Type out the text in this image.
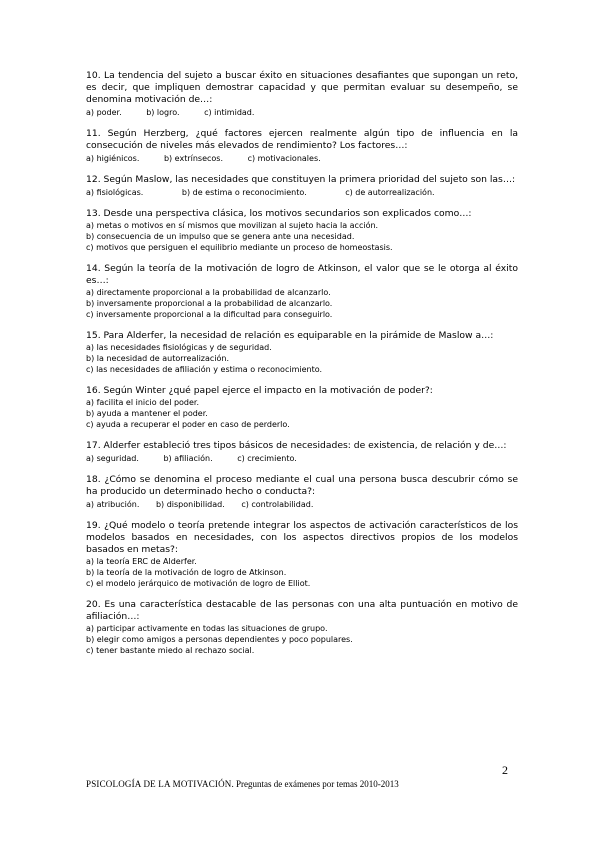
10. La tendencia del sujeto a buscar éxito en situaciones desafiantes que supongan un reto, es decir, que impliquen demostrar capacidad y que permitan evaluar su desempeño, se denomina motivación de…:

a) poder.	b) logro.	c) intimidad.

11. Según Herzberg, ¿qué factores ejercen realmente algún tipo de influencia en la consecución de niveles más elevados de rendimiento? Los factores…:

a) higiénicos.	b) extrínsecos.	c) motivacionales.

12. Según Maslow, las necesidades que constituyen la primera prioridad del sujeto son las…:

a) fisiológicas.	b) de estima o reconocimiento.	c) de autorrealización.

13. Desde una perspectiva clásica, los motivos secundarios son explicados como…:

a) metas o motivos en sí mismos que movilizan al sujeto hacia la acción.

b) consecuencia de un impulso que se genera ante una necesidad.

c) motivos que persiguen el equilibrio mediante un proceso de homeostasis.

14. Según la teoría de la motivación de logro de Atkinson, el valor que se le otorga al éxito es…:

a) directamente proporcional a la probabilidad de alcanzarlo.

b) inversamente proporcional a la probabilidad de alcanzarlo.

c) inversamente proporcional a la dificultad para conseguirlo.

15. Para Alderfer, la necesidad de relación es equiparable en la pirámide de Maslow a…:

a) las necesidades fisiológicas y de seguridad.

b) la necesidad de autorrealización.

c) las necesidades de afiliación y estima o reconocimiento.

16. Según Winter ¿qué papel ejerce el impacto en la motivación de poder?:

a) facilita el inicio del poder.

b) ayuda a mantener el poder.

c) ayuda a recuperar el poder en caso de perderlo.

17. Alderfer estableció tres tipos básicos de necesidades: de existencia, de relación y de…:

a) seguridad.	b) afiliación.	c) crecimiento.

18. ¿Cómo se denomina el proceso mediante el cual una persona busca descubrir cómo se ha producido un determinado hecho o conducta?:

a) atribución. b) disponibilidad. c) controlabilidad.

19. ¿Qué modelo o teoría pretende integrar los aspectos de activación característicos de los modelos basados en necesidades, con los aspectos directivos propios de los modelos basados en metas?:

a) la teoría ERC de Alderfer.

b) la teoría de la motivación de logro de Atkinson.

c) el modelo jerárquico de motivación de logro de Elliot.

20. Es una característica destacable de las personas con una alta puntuación en motivo de afiliación…:

a) participar activamente en todas las situaciones de grupo.

b) elegir como amigos a personas dependientes y poco populares.

c) tener bastante miedo al rechazo social.

2
PSICOLOGÍA DE LA MOTIVACIÓN. Preguntas de exámenes por temas 2010-2013
